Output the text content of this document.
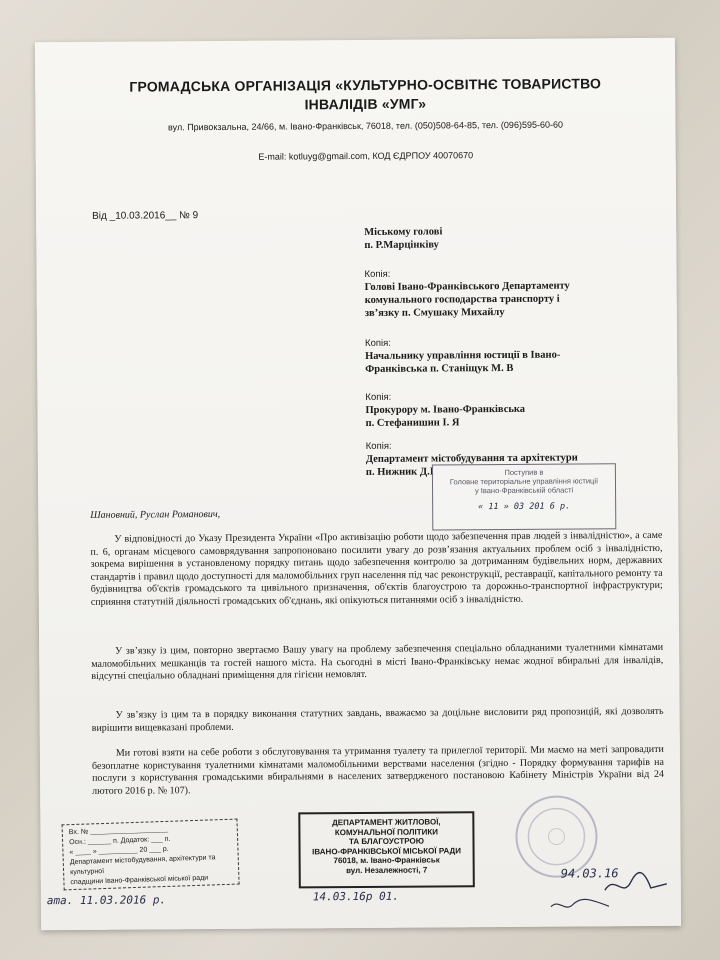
ГРОМАДСЬКА ОРГАНІЗАЦІЯ «КУЛЬТУРНО-ОСВІТНЄ ТОВАРИСТВО
ІНВАЛІДІВ «УМГ»
вул. Привокзальна, 24/66, м. Івано-Франківськ, 76018, тел. (050)508-64-85, тел. (096)595-60-60
E-mail: kotluyg@gmail.com, КОД ЄДРПОУ 40070670
Від _10.03.2016__ № 9
Міському голові
п. Р.Марцінківу
Копія:
Голові Івано-Франківського Департаменту
комунального господарства транспорту і
зв’язку п. Смушаку Михайлу
Копія:
Начальнику управління юстиції в Івано-
Франківська п. Станіщук М. В
Копія:
Прокурору м. Івано-Франківська
п. Стефанишин І. Я
Копія:
Департамент містобудування та архітектури
п. Нижник Д.І	Поступив в
Головне територіальне управління юстиції
у Івано-Франківській області
« 11 » 03 201 6 р.
Шановний, Руслан Романович,
У відповідності до Указу Президента України «Про активізацію роботи щодо забезпечення прав людей з інвалідністю», а саме п. 6, органам місцевого самоврядування запропоновано посилити увагу до розв’язання актуальних проблем осіб з інвалідністю, зокрема вирішення в установленому порядку питань щодо забезпечення контролю за дотриманням будівельних норм, державних стандартів і правил щодо доступності для маломобільних груп населення під час реконструкції, реставрації, капітального ремонту та будівництва об'єктів громадського та цивільного призначення, об'єктів благоустрою та дорожньо-транспортної інфраструктури; сприяння статутній діяльності громадських об'єднань, які опікуються питаннями осіб з інвалідністю.
У зв’язку із цим, повторно звертаємо Вашу увагу на проблему забезпечення спеціально обладнаними туалетними кімнатами маломобільних мешканців та гостей нашого міста. На сьогодні в місті Івано-Франківську немає жодної вбиральні для інвалідів, відсутні спеціально обладнані приміщення для гігієни немовлят.
У зв’язку із цим та в порядку виконання статутних завдань, вважаємо за доцільне висловити ряд пропозицій, які дозволять вирішити вищевказані проблеми.
Ми готові взяти на себе роботи з обслуговування та утримання туалету та прилеглої території. Ми маємо на меті запровадити безоплатне користування туалетними кімнатами маломобільними верствами населення (згідно - Порядку формування тарифів на послуги з користування громадськими вбиральнями в населених затвердженого постановою Кабінету Міністрів України від 24 лютого 2016 р. № 107).
Вх. № ____________________
Осн.: ______ п. Додаток: ___ п.
« ____ » __________ 20 ___ р.
Департамент містобудування, архітектури та культурної
спадщини Івано-Франківської міської ради
ДЕПАРТАМЕНТ ЖИТЛОВОЇ,
КОМУНАЛЬНОЇ ПОЛІТИКИ
ТА БЛАГОУСТРОЮ
ІВАНО-ФРАНКІВСЬКОЇ МІСЬКОЇ РАДИ
76018, м. Івано-Франківськ
вул. Незалежності, 7
ama. 11.03.2016 р.	14.03.16р 01.
94.03.16
